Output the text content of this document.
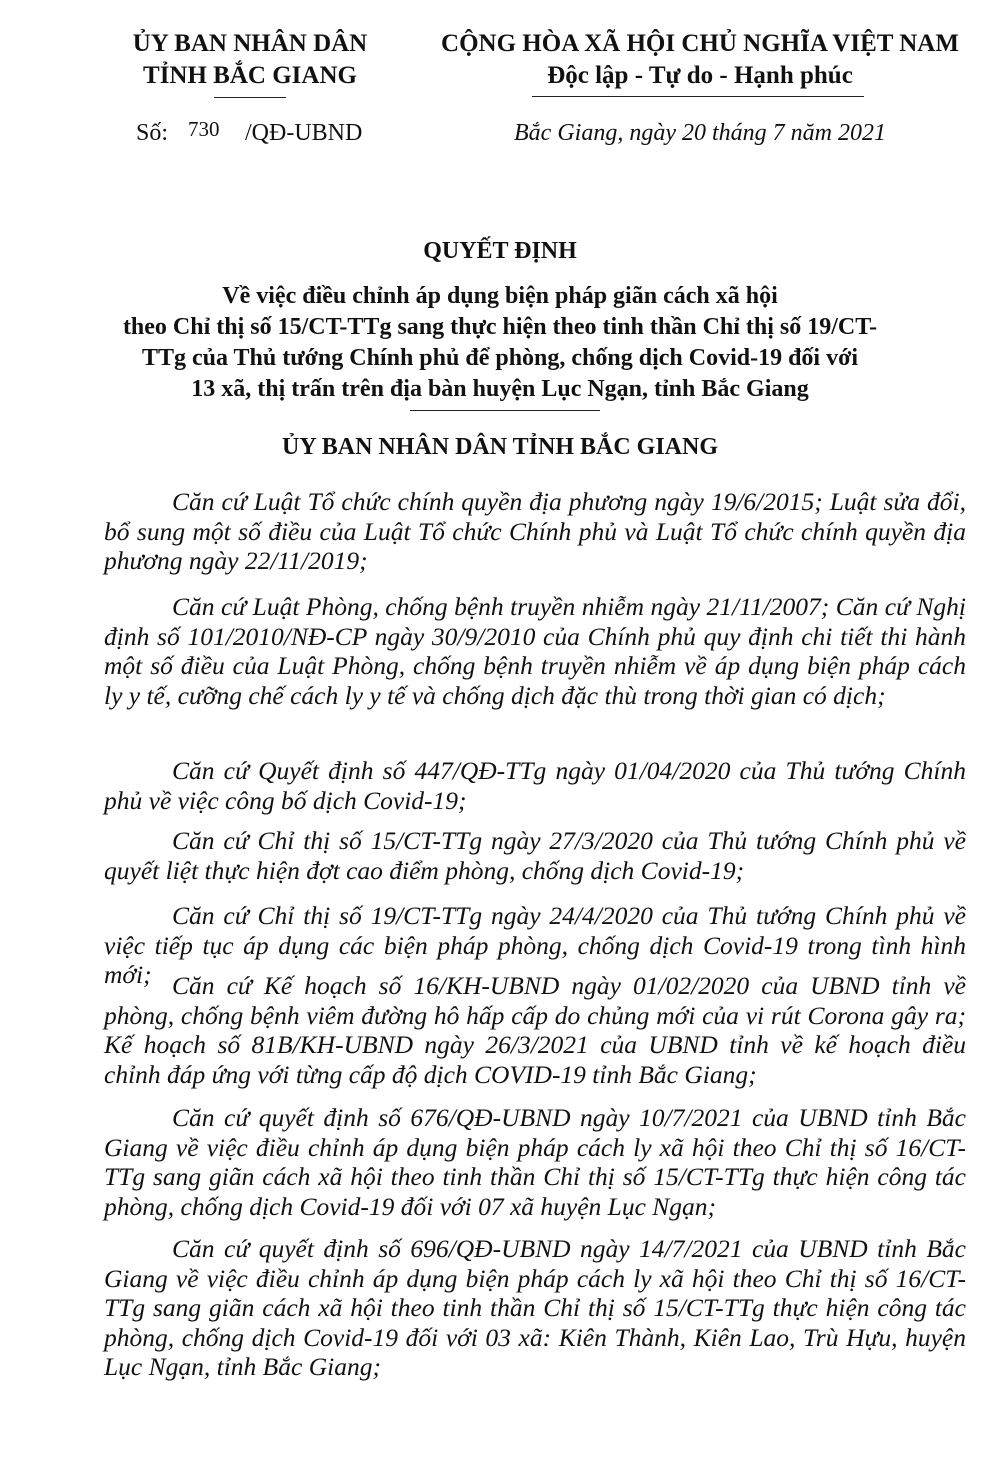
ỦY BAN NHÂN DÂN
TỈNH BẮC GIANG
Số: 730 /QĐ-UBND
CỘNG HÒA XÃ HỘI CHỦ NGHĨA VIỆT NAM
Độc lập - Tự do - Hạnh phúc
Bắc Giang, ngày 20 tháng 7 năm 2021
QUYẾT ĐỊNH
Về việc điều chỉnh áp dụng biện pháp giãn cách xã hội
theo Chỉ thị số 15/CT-TTg sang thực hiện theo tinh thần Chỉ thị số 19/CT-
TTg của Thủ tướng Chính phủ để phòng, chống dịch Covid-19 đối với
13 xã, thị trấn trên địa bàn huyện Lục Ngạn, tỉnh Bắc Giang
ỦY BAN NHÂN DÂN TỈNH BẮC GIANG
Căn cứ Luật Tổ chức chính quyền địa phương ngày 19/6/2015; Luật sửa đổi, bổ sung một số điều của Luật Tổ chức Chính phủ và Luật Tổ chức chính quyền địa phương ngày 22/11/2019;
Căn cứ Luật Phòng, chống bệnh truyền nhiễm ngày 21/11/2007; Căn cứ Nghị định số 101/2010/NĐ-CP ngày 30/9/2010 của Chính phủ quy định chi tiết thi hành một số điều của Luật Phòng, chống bệnh truyền nhiễm về áp dụng biện pháp cách ly y tế, cưỡng chế cách ly y tế và chống dịch đặc thù trong thời gian có dịch;
Căn cứ Quyết định số 447/QĐ-TTg ngày 01/04/2020 của Thủ tướng Chính phủ về việc công bố dịch Covid-19;
Căn cứ Chỉ thị số 15/CT-TTg ngày 27/3/2020 của Thủ tướng Chính phủ về quyết liệt thực hiện đợt cao điểm phòng, chống dịch Covid-19;
Căn cứ Chỉ thị số 19/CT-TTg ngày 24/4/2020 của Thủ tướng Chính phủ về việc tiếp tục áp dụng các biện pháp phòng, chống dịch Covid-19 trong tình hình mới; Căn cứ Kế hoạch số 16/KH-UBND ngày 01/02/2020 của UBND tỉnh về phòng, chống bệnh viêm đường hô hấp cấp do chủng mới của vi rút Corona gây ra; Kế hoạch số 81B/KH-UBND ngày 26/3/2021 của UBND tỉnh về kế hoạch điều chỉnh đáp ứng với từng cấp độ dịch COVID-19 tỉnh Bắc Giang;
Căn cứ quyết định số 676/QĐ-UBND ngày 10/7/2021 của UBND tỉnh Bắc Giang về việc điều chỉnh áp dụng biện pháp cách ly xã hội theo Chỉ thị số 16/CT-TTg sang giãn cách xã hội theo tinh thần Chỉ thị số 15/CT-TTg thực hiện công tác phòng, chống dịch Covid-19 đối với 07 xã huyện Lục Ngạn;
Căn cứ quyết định số 696/QĐ-UBND ngày 14/7/2021 của UBND tỉnh Bắc Giang về việc điều chỉnh áp dụng biện pháp cách ly xã hội theo Chỉ thị số 16/CT-TTg sang giãn cách xã hội theo tinh thần Chỉ thị số 15/CT-TTg thực hiện công tác phòng, chống dịch Covid-19 đối với 03 xã: Kiên Thành, Kiên Lao, Trù Hựu, huyện Lục Ngạn, tỉnh Bắc Giang;
